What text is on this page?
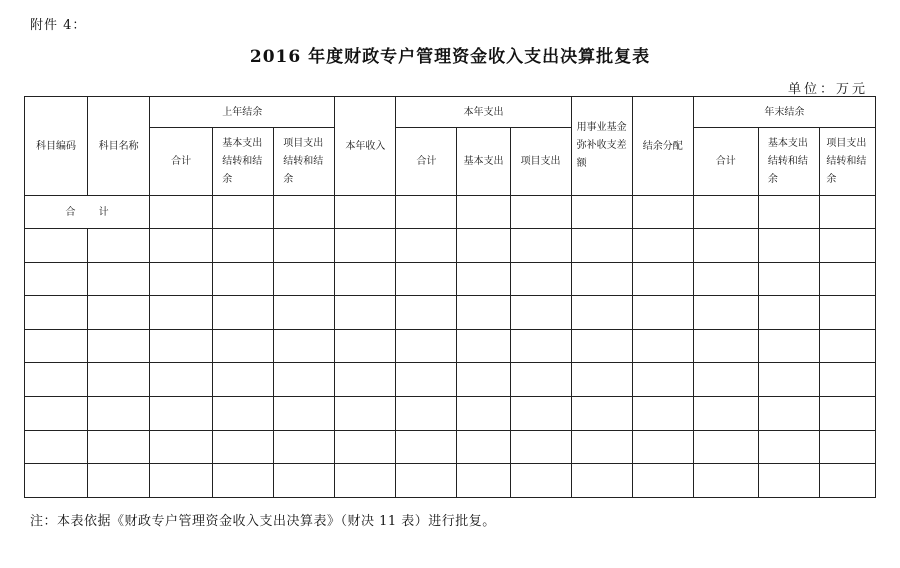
附件 4：
2016 年度财政专户管理资金收入支出决算批复表
单位：万元
科目编码	科目名称	上年结余			本年收入	本年支出			用事业基金弥补收支差额	结余分配	年末结余		
		合计	基本支出结转和结余	项目支出结转和结余		合计	基本支出	项目支出			合计	基本支出结转和结余	项目支出结转和结余
合 计													

注：本表依据《财政专户管理资金收入支出决算表》（财决 11 表）进行批复。
